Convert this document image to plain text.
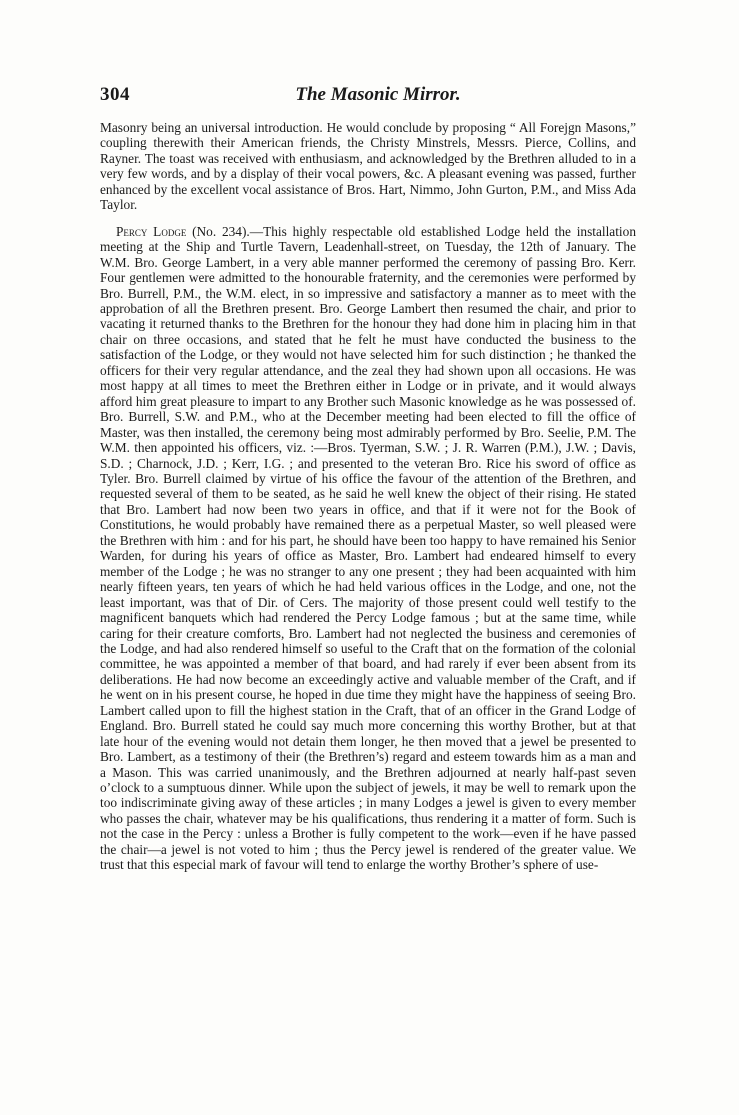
304	The Masonic Mirror.

Masonry being an universal introduction. He would conclude by proposing “ All Forejgn Masons,” coupling therewith their American friends, the Christy Minstrels, Messrs. Pierce, Collins, and Rayner. The toast was received with enthusiasm, and acknowledged by the Brethren alluded to in a very few words, and by a display of their vocal powers, &c. A pleasant evening was passed, further enhanced by the excellent vocal assistance of Bros. Hart, Nimmo, John Gurton, P.M., and Miss Ada Taylor.

Percy Lodge (No. 234).—This highly respectable old established Lodge held the installation meeting at the Ship and Turtle Tavern, Leadenhall-street, on Tuesday, the 12th of January. The W.M. Bro. George Lambert, in a very able manner performed the ceremony of passing Bro. Kerr. Four gentlemen were admitted to the honourable fraternity, and the ceremonies were performed by Bro. Burrell, P.M., the W.M. elect, in so impressive and satisfactory a manner as to meet with the approbation of all the Brethren present. Bro. George Lambert then resumed the chair, and prior to vacating it returned thanks to the Brethren for the honour they had done him in placing him in that chair on three occasions, and stated that he felt he must have conducted the business to the satisfaction of the Lodge, or they would not have selected him for such distinction ; he thanked the officers for their very regular attendance, and the zeal they had shown upon all occasions. He was most happy at all times to meet the Brethren either in Lodge or in private, and it would always afford him great pleasure to impart to any Brother such Masonic knowledge as he was possessed of. Bro. Burrell, S.W. and P.M., who at the December meeting had been elected to fill the office of Master, was then installed, the ceremony being most admirably performed by Bro. Seelie, P.M. The W.M. then appointed his officers, viz. :—Bros. Tyerman, S.W. ; J. R. Warren (P.M.), J.W. ; Davis, S.D. ; Charnock, J.D. ; Kerr, I.G. ; and presented to the veteran Bro. Rice his sword of office as Tyler. Bro. Burrell claimed by virtue of his office the favour of the attention of the Brethren, and requested several of them to be seated, as he said he well knew the object of their rising. He stated that Bro. Lambert had now been two years in office, and that if it were not for the Book of Constitutions, he would probably have remained there as a perpetual Master, so well pleased were the Brethren with him : and for his part, he should have been too happy to have remained his Senior Warden, for during his years of office as Master, Bro. Lambert had endeared himself to every member of the Lodge ; he was no stranger to any one present ; they had been acquainted with him nearly fifteen years, ten years of which he had held various offices in the Lodge, and one, not the least important, was that of Dir. of Cers. The majority of those present could well testify to the magnificent banquets which had rendered the Percy Lodge famous ; but at the same time, while caring for their creature comforts, Bro. Lambert had not neglected the business and ceremonies of the Lodge, and had also rendered himself so useful to the Craft that on the formation of the colonial committee, he was appointed a member of that board, and had rarely if ever been absent from its deliberations. He had now become an exceedingly active and valuable member of the Craft, and if he went on in his present course, he hoped in due time they might have the happiness of seeing Bro. Lambert called upon to fill the highest station in the Craft, that of an officer in the Grand Lodge of England. Bro. Burrell stated he could say much more concerning this worthy Brother, but at that late hour of the evening would not detain them longer, he then moved that a jewel be presented to Bro. Lambert, as a testimony of their (the Brethren’s) regard and esteem towards him as a man and a Mason. This was carried unanimously, and the Brethren adjourned at nearly half-past seven o’clock to a sumptuous dinner. While upon the subject of jewels, it may be well to remark upon the too indiscriminate giving away of these articles ; in many Lodges a jewel is given to every member who passes the chair, whatever may be his qualifications, thus rendering it a matter of form. Such is not the case in the Percy : unless a Brother is fully competent to the work—even if he have passed the chair—a jewel is not voted to him ; thus the Percy jewel is rendered of the greater value. We trust that this especial mark of favour will tend to enlarge the worthy Brother’s sphere of use-
